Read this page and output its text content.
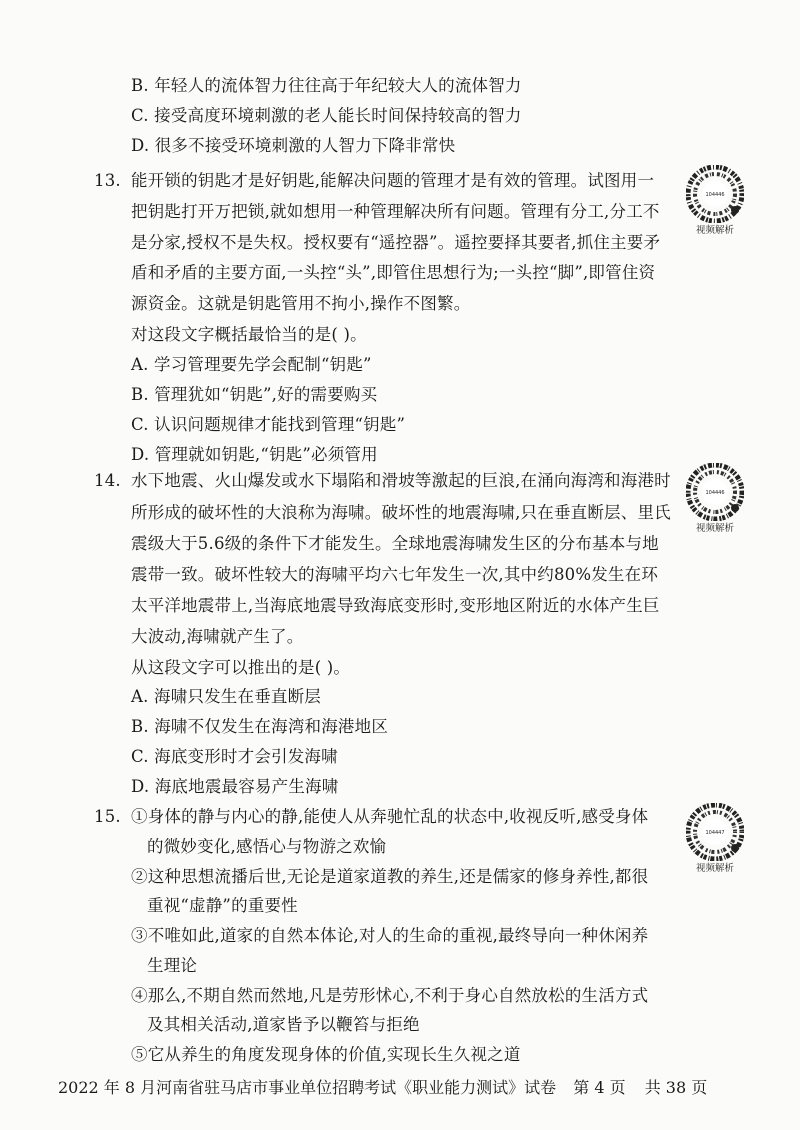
B. 年轻人的流体智力往往高于年纪较大人的流体智力
C. 接受高度环境刺激的老人能长时间保持较高的智力
D. 很多不接受环境刺激的人智力下降非常快
13. 能开锁的钥匙才是好钥匙,能解决问题的管理才是有效的管理。试图用一
把钥匙打开万把锁,就如想用一种管理解决所有问题。管理有分工,分工不
是分家,授权不是失权。授权要有“遥控器”。遥控要择其要者,抓住主要矛
盾和矛盾的主要方面,一头控“头”,即管住思想行为;一头控“脚”,即管住资
源资金。这就是钥匙管用不拘小,操作不图繁。
对这段文字概括最恰当的是( )。
A. 学习管理要先学会配制“钥匙”
B. 管理犹如“钥匙”,好的需要购买
C. 认识问题规律才能找到管理“钥匙”
D. 管理就如钥匙,“钥匙”必须管用
104446
视频解析
14. 水下地震、火山爆发或水下塌陷和滑坡等激起的巨浪,在涌向海湾和海港时
所形成的破坏性的大浪称为海啸。破坏性的地震海啸,只在垂直断层、里氏
震级大于5.6级的条件下才能发生。全球地震海啸发生区的分布基本与地
震带一致。破坏性较大的海啸平均六七年发生一次,其中约80%发生在环
太平洋地震带上,当海底地震导致海底变形时,变形地区附近的水体产生巨
大波动,海啸就产生了。
从这段文字可以推出的是( )。
A. 海啸只发生在垂直断层
B. 海啸不仅发生在海湾和海港地区
C. 海底变形时才会引发海啸
D. 海底地震最容易产生海啸
104446
视频解析
15. ①身体的静与内心的静,能使人从奔驰忙乱的状态中,收视反听,感受身体
的微妙变化,感悟心与物游之欢愉
②这种思想流播后世,无论是道家道教的养生,还是儒家的修身养性,都很
重视“虚静”的重要性
③不唯如此,道家的自然本体论,对人的生命的重视,最终导向一种休闲养
生理论
④那么,不期自然而然地,凡是劳形怵心,不利于身心自然放松的生活方式
及其相关活动,道家皆予以鞭笞与拒绝
⑤它从养生的角度发现身体的价值,实现长生久视之道
104447
视频解析
2022 年 8 月河南省驻马店市事业单位招聘考试《职业能力测试》试卷 第 4 页 共 38 页
